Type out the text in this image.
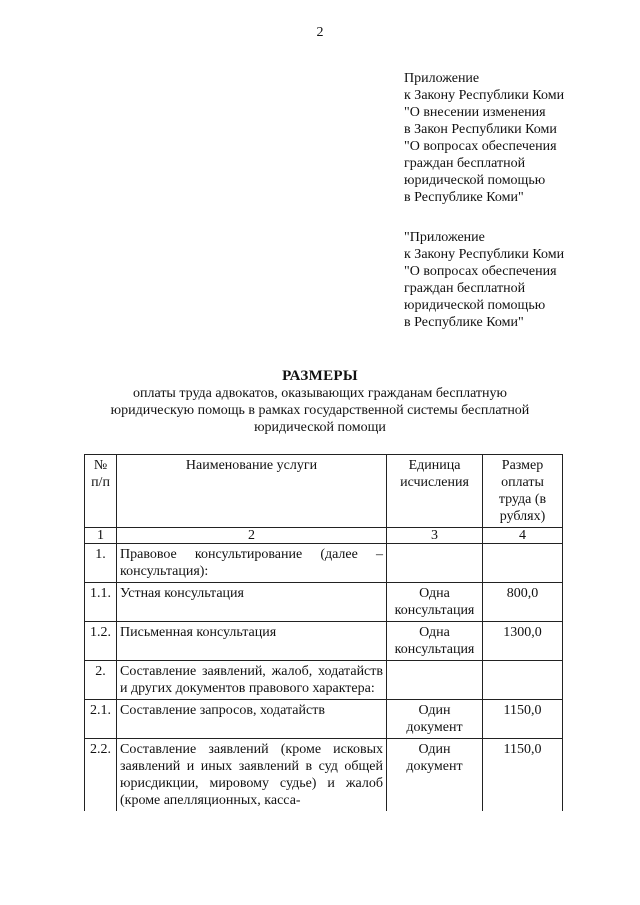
2
Приложение
к Закону Республики Коми
"О внесении изменения
в Закон Республики Коми
"О вопросах обеспечения
граждан бесплатной
юридической помощью
в Республике Коми"
"Приложение
к Закону Республики Коми
"О вопросах обеспечения
граждан бесплатной
юридической помощью
в Республике Коми"
РАЗМЕРЫ
оплаты труда адвокатов, оказывающих гражданам бесплатную
юридическую помощь в рамках государственной системы бесплатной
юридической помощи
№ п/п	Наименование услуги	Единица исчисления	Размер оплаты труда (в рублях)
1	2	3	4
1.	Правовое консультирование (далее – консультация):		
1.1.	Устная консультация	Одна консультация	800,0
1.2.	Письменная консультация	Одна консультация	1300,0
2.	Составление заявлений, жалоб, ходатайств и других документов правового характера:		
2.1.	Составление запросов, ходатайств	Один документ	1150,0
2.2.	Составление заявлений (кроме исковых заявлений и иных заявлений в суд общей юрисдикции, мировому судье) и жалоб (кроме апелляционных, касса-	Один документ	1150,0
